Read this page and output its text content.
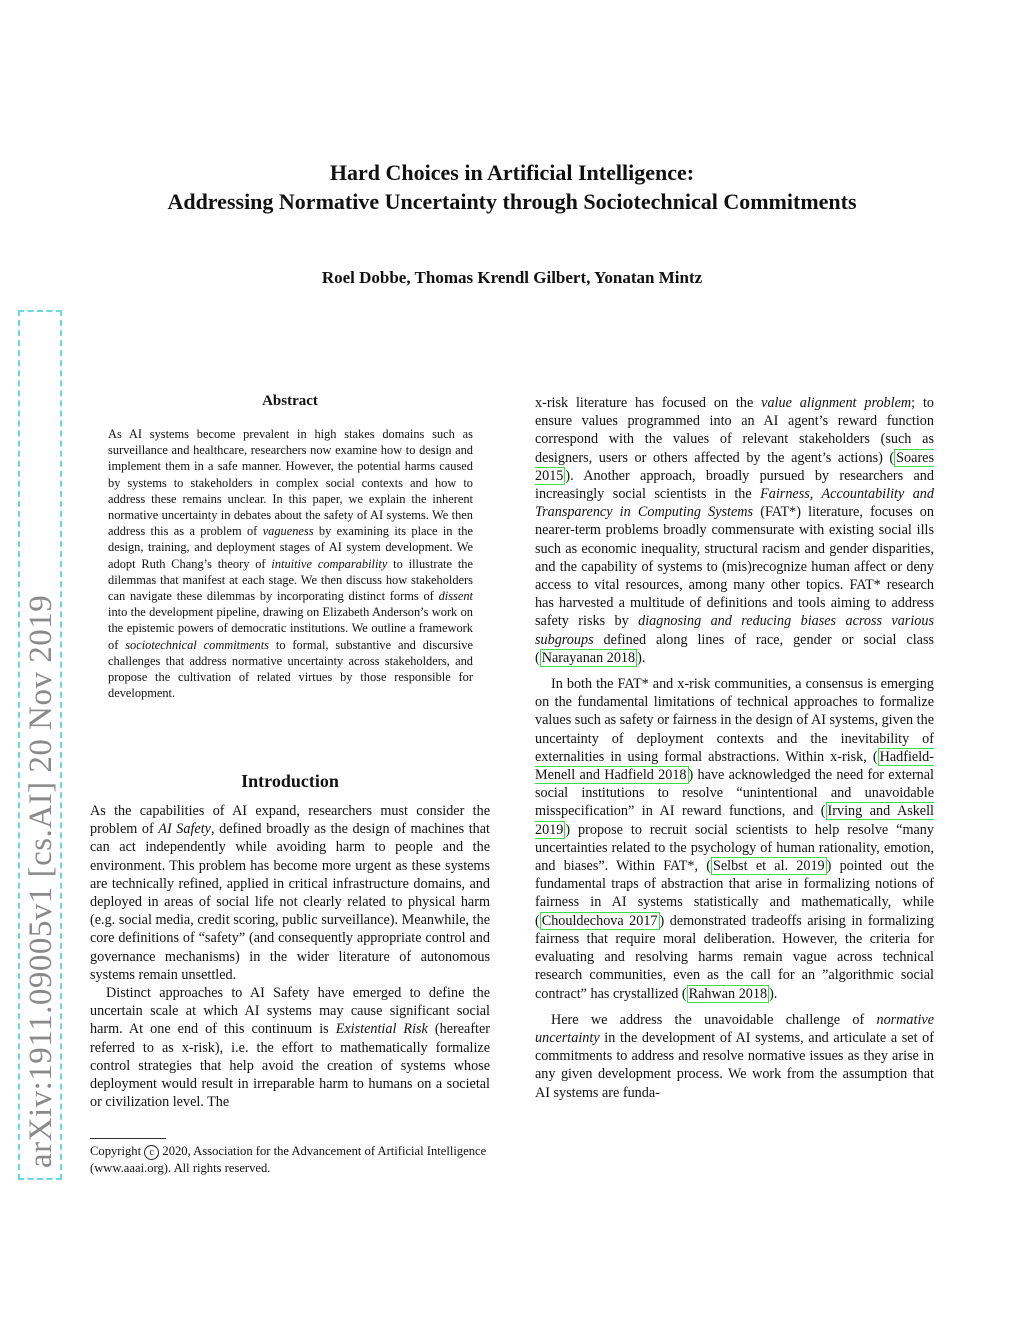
Hard Choices in Artificial Intelligence:
Addressing Normative Uncertainty through Sociotechnical Commitments
Roel Dobbe, Thomas Krendl Gilbert, Yonatan Mintz
arXiv:1911.09005v1 [cs.AI] 20 Nov 2019
Abstract
As AI systems become prevalent in high stakes domains such as surveillance and healthcare, researchers now examine how to design and implement them in a safe manner. However, the potential harms caused by systems to stakeholders in complex social contexts and how to address these remains unclear. In this paper, we explain the inherent normative uncertainty in debates about the safety of AI systems. We then address this as a problem of vagueness by examining its place in the design, training, and deployment stages of AI system development. We adopt Ruth Chang’s theory of intuitive comparability to illustrate the dilemmas that manifest at each stage. We then discuss how stakeholders can navigate these dilemmas by incorporating distinct forms of dissent into the development pipeline, drawing on Elizabeth Anderson’s work on the epistemic powers of democratic institutions. We outline a framework of sociotechnical commitments to formal, substantive and discursive challenges that address normative uncertainty across stakeholders, and propose the cultivation of related virtues by those responsible for development.
Introduction

As the capabilities of AI expand, researchers must consider the problem of AI Safety, defined broadly as the design of machines that can act independently while avoiding harm to people and the environment. This problem has become more urgent as these systems are technically refined, applied in critical infrastructure domains, and deployed in areas of social life not clearly related to physical harm (e.g. social media, credit scoring, public surveillance). Meanwhile, the core definitions of “safety” (and consequently appropriate control and governance mechanisms) in the wider literature of autonomous systems remain unsettled.

Distinct approaches to AI Safety have emerged to define the uncertain scale at which AI systems may cause significant social harm. At one end of this continuum is Existential Risk (hereafter referred to as x-risk), i.e. the effort to mathematically formalize control strategies that help avoid the creation of systems whose deployment would result in irreparable harm to humans on a societal or civilization level. The

Copyright c 2020, Association for the Advancement of Artificial Intelligence (www.aaai.org). All rights reserved.

x-risk literature has focused on the value alignment problem; to ensure values programmed into an AI agent’s reward function correspond with the values of relevant stakeholders (such as designers, users or others affected by the agent’s actions) ( Soares 2015 ). Another approach, broadly pursued by researchers and increasingly social scientists in the Fairness, Accountability and Transparency in Computing Systems (FAT*) literature, focuses on nearer-term problems broadly commensurate with existing social ills such as economic inequality, structural racism and gender disparities, and the capability of systems to (mis)recognize human affect or deny access to vital resources, among many other topics. FAT* research has harvested a multitude of definitions and tools aiming to address safety risks by diagnosing and reducing biases across various subgroups defined along lines of race, gender or social class ( Narayanan 2018 ).

In both the FAT* and x-risk communities, a consensus is emerging on the fundamental limitations of technical approaches to formalize values such as safety or fairness in the design of AI systems, given the uncertainty of deployment contexts and the inevitability of externalities in using formal abstractions. Within x-risk, ( Hadfield-Menell and Hadfield 2018 ) have acknowledged the need for external social institutions to resolve “unintentional and unavoidable misspecification” in AI reward functions, and ( Irving and Askell 2019 ) propose to recruit social scientists to help resolve “many uncertainties related to the psychology of human rationality, emotion, and biases”. Within FAT*, ( Selbst et al. 2019 ) pointed out the fundamental traps of abstraction that arise in formalizing notions of fairness in AI systems statistically and mathematically, while ( Chouldechova 2017 ) demonstrated tradeoffs arising in formalizing fairness that require moral deliberation. However, the criteria for evaluating and resolving harms remain vague across technical research communities, even as the call for an ”algorithmic social contract” has crystallized ( Rahwan 2018 ).

Here we address the unavoidable challenge of normative uncertainty in the development of AI systems, and articulate a set of commitments to address and resolve normative issues as they arise in any given development process. We work from the assumption that AI systems are funda-
